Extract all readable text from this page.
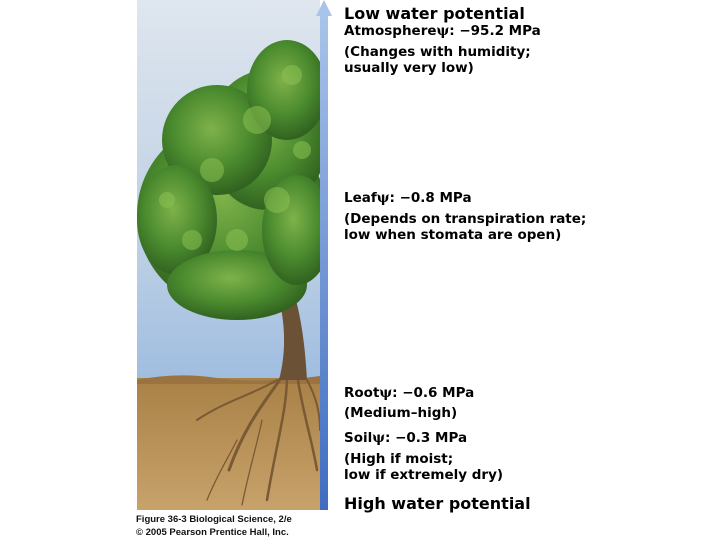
Low water potential
Atmosphereψ: −95.2 MPa
(Changes with humidity;
usually very low)
Leafψ: −0.8 MPa
(Depends on transpiration rate;
low when stomata are open)
Rootψ: −0.6 MPa
(Medium–high)
Soilψ: −0.3 MPa
(High if moist;
low if extremely dry)
High water potential
Figure 36-3 Biological Science, 2/e
© 2005 Pearson Prentice Hall, Inc.
